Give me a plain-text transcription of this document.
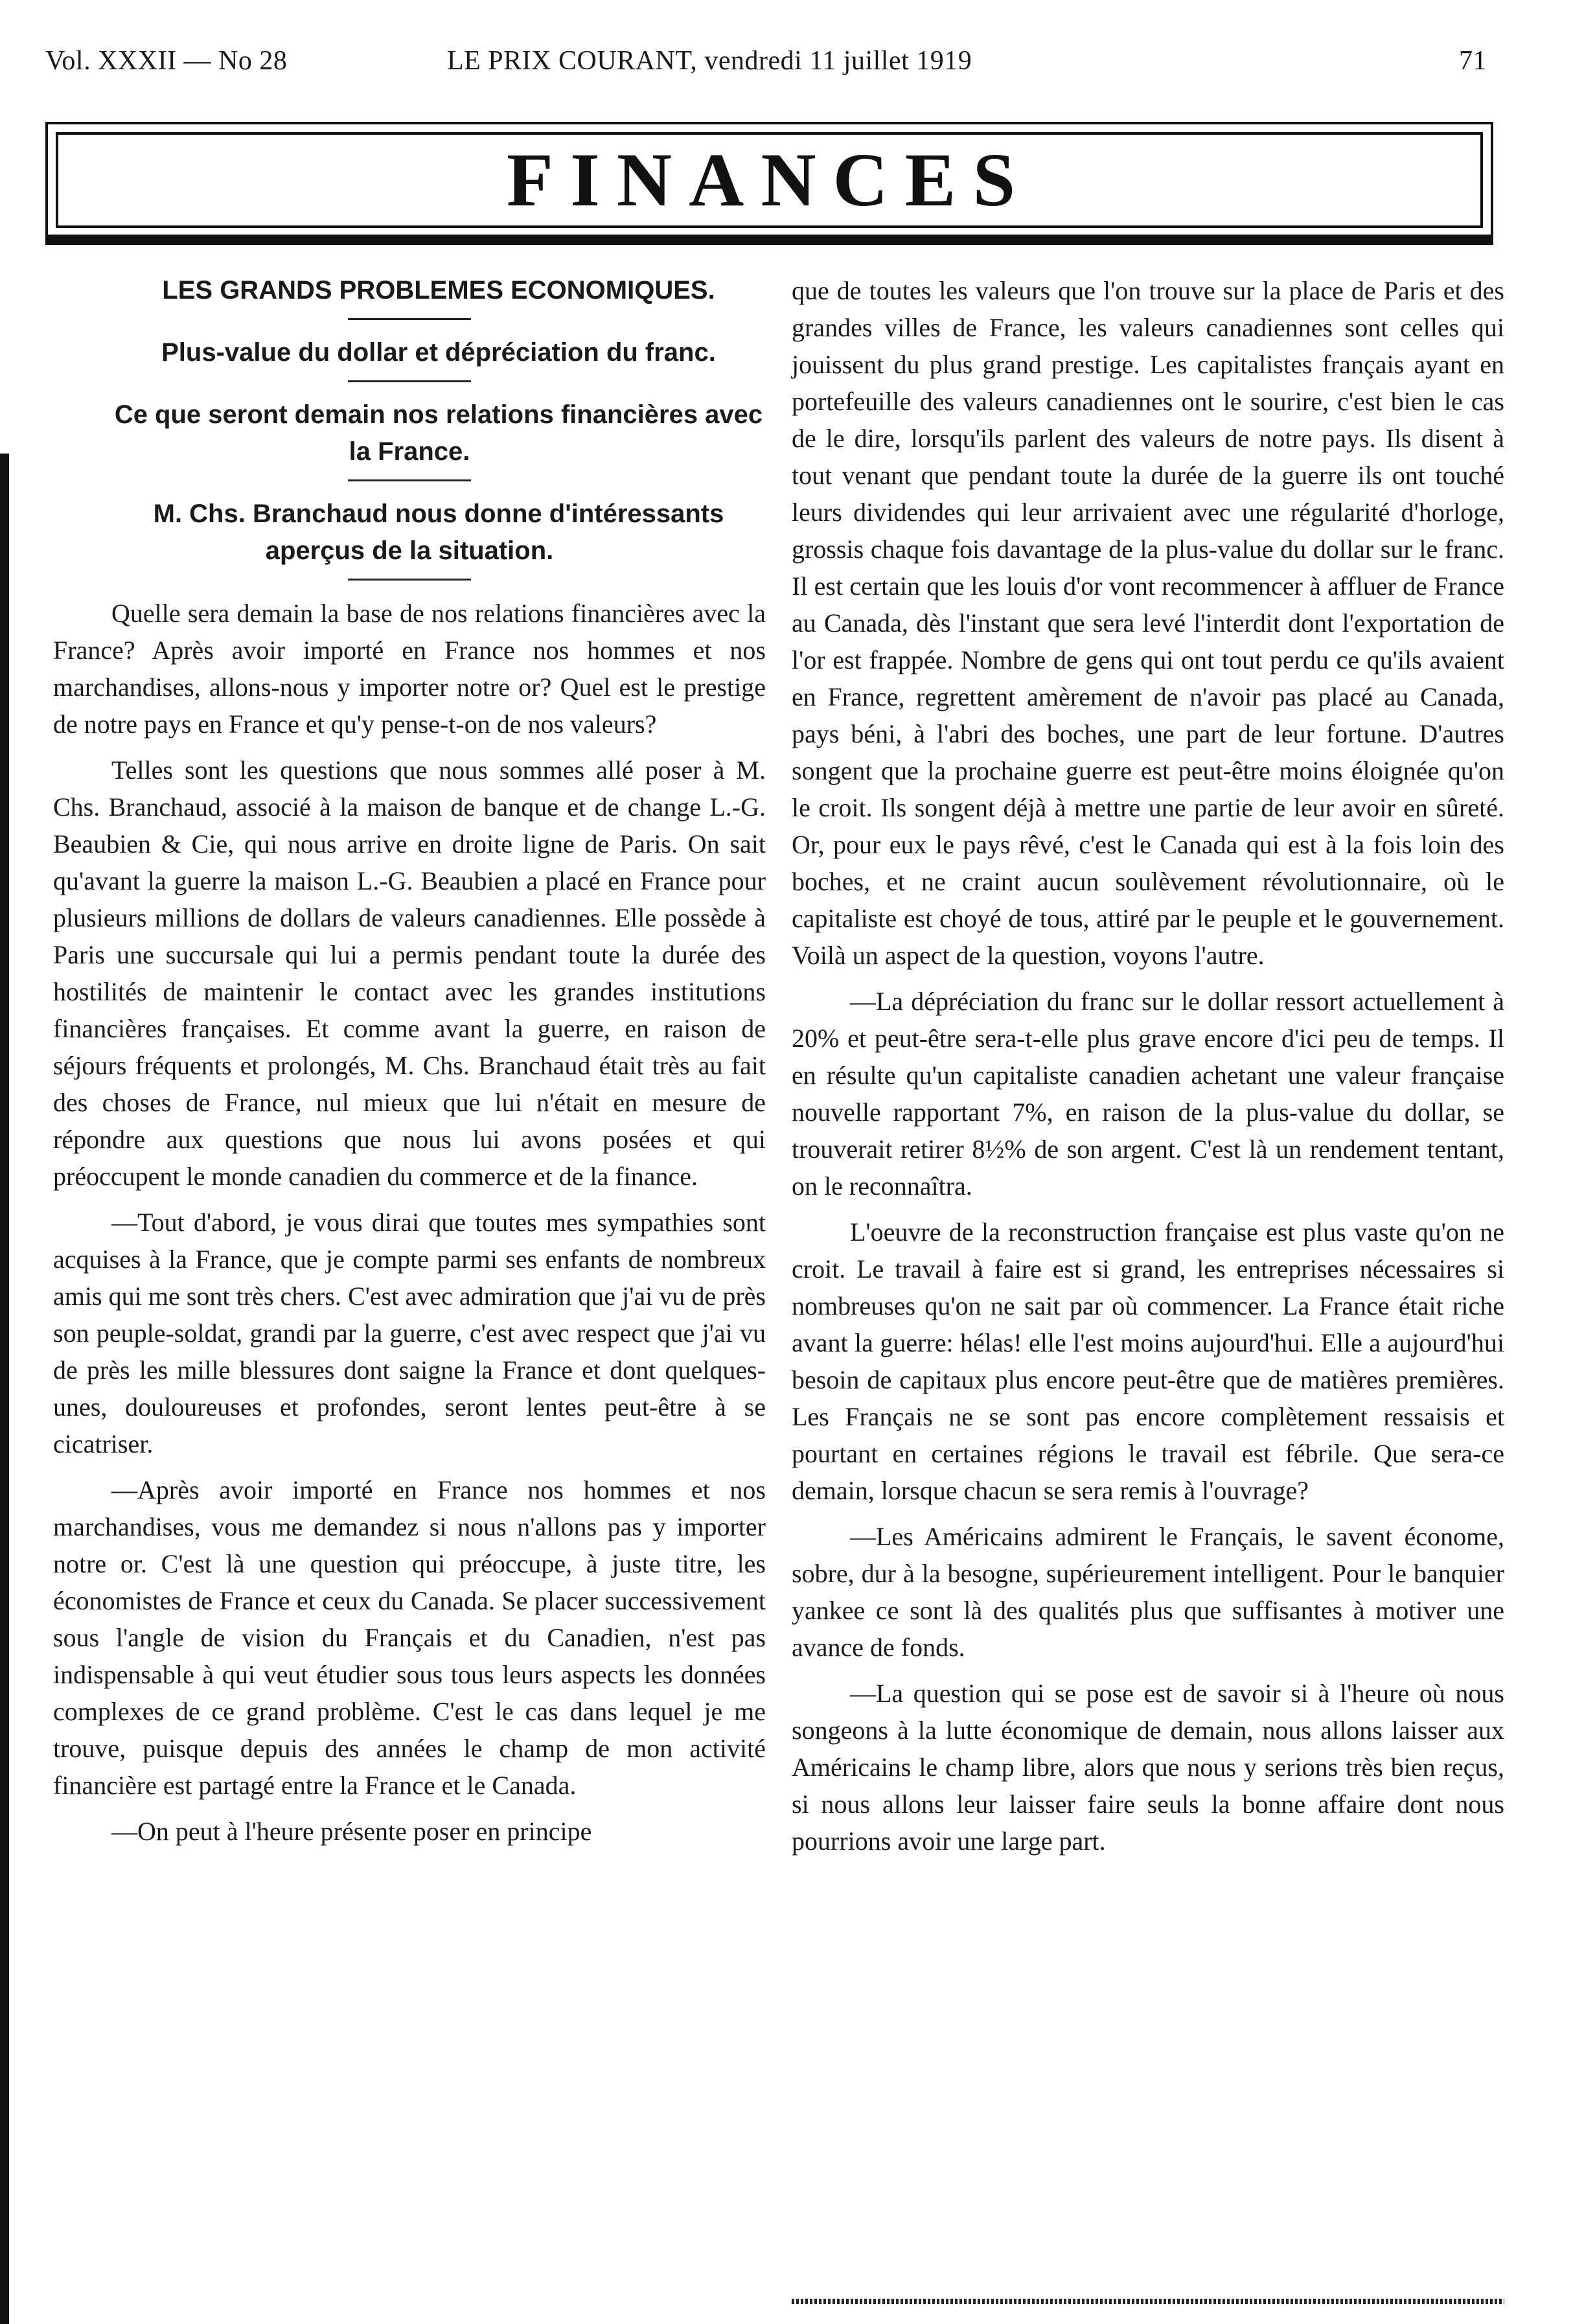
Vol. XXXII — No 28	LE PRIX COURANT, vendredi 11 juillet 1919	71
FINANCES

LES GRANDS PROBLEMES ECONOMIQUES.

Plus-value du dollar et dépréciation du franc.

Ce que seront demain nos relations financières avec la France.

M. Chs. Branchaud nous donne d'intéressants aperçus de la situation.

Quelle sera demain la base de nos relations financières avec la France? Après avoir importé en France nos hommes et nos marchandises, allons-nous y importer notre or? Quel est le prestige de notre pays en France et qu'y pense-t-on de nos valeurs?

Telles sont les questions que nous sommes allé poser à M. Chs. Branchaud, associé à la maison de banque et de change L.-G. Beaubien & Cie, qui nous arrive en droite ligne de Paris. On sait qu'avant la guerre la maison L.-G. Beaubien a placé en France pour plusieurs millions de dollars de valeurs canadiennes. Elle possède à Paris une succursale qui lui a permis pendant toute la durée des hostilités de maintenir le contact avec les grandes institutions financières françaises. Et comme avant la guerre, en raison de séjours fréquents et prolongés, M. Chs. Branchaud était très au fait des choses de France, nul mieux que lui n'était en mesure de répondre aux questions que nous lui avons posées et qui préoccupent le monde canadien du commerce et de la finance.

—Tout d'abord, je vous dirai que toutes mes sympathies sont acquises à la France, que je compte parmi ses enfants de nombreux amis qui me sont très chers. C'est avec admiration que j'ai vu de près son peuple-soldat, grandi par la guerre, c'est avec respect que j'ai vu de près les mille blessures dont saigne la France et dont quelques-unes, douloureuses et profondes, seront lentes peut-être à se cicatriser.

—Après avoir importé en France nos hommes et nos marchandises, vous me demandez si nous n'allons pas y importer notre or. C'est là une question qui préoccupe, à juste titre, les économistes de France et ceux du Canada. Se placer successivement sous l'angle de vision du Français et du Canadien, n'est pas indispensable à qui veut étudier sous tous leurs aspects les données complexes de ce grand problème. C'est le cas dans lequel je me trouve, puisque depuis des années le champ de mon activité financière est partagé entre la France et le Canada.

—On peut à l'heure présente poser en principe

que de toutes les valeurs que l'on trouve sur la place de Paris et des grandes villes de France, les valeurs canadiennes sont celles qui jouissent du plus grand prestige. Les capitalistes français ayant en portefeuille des valeurs canadiennes ont le sourire, c'est bien le cas de le dire, lorsqu'ils parlent des valeurs de notre pays. Ils disent à tout venant que pendant toute la durée de la guerre ils ont touché leurs dividendes qui leur arrivaient avec une régularité d'horloge, grossis chaque fois davantage de la plus-value du dollar sur le franc. Il est certain que les louis d'or vont recommencer à affluer de France au Canada, dès l'instant que sera levé l'interdit dont l'exportation de l'or est frappée. Nombre de gens qui ont tout perdu ce qu'ils avaient en France, regrettent amèrement de n'avoir pas placé au Canada, pays béni, à l'abri des boches, une part de leur fortune. D'autres songent que la prochaine guerre est peut-être moins éloignée qu'on le croit. Ils songent déjà à mettre une partie de leur avoir en sûreté. Or, pour eux le pays rêvé, c'est le Canada qui est à la fois loin des boches, et ne craint aucun soulèvement révolutionnaire, où le capitaliste est choyé de tous, attiré par le peuple et le gouvernement. Voilà un aspect de la question, voyons l'autre.

—La dépréciation du franc sur le dollar ressort actuellement à 20% et peut-être sera-t-elle plus grave encore d'ici peu de temps. Il en résulte qu'un capitaliste canadien achetant une valeur française nouvelle rapportant 7%, en raison de la plus-value du dollar, se trouverait retirer 8½% de son argent. C'est là un rendement tentant, on le reconnaîtra.

L'oeuvre de la reconstruction française est plus vaste qu'on ne croit. Le travail à faire est si grand, les entreprises nécessaires si nombreuses qu'on ne sait par où commencer. La France était riche avant la guerre: hélas! elle l'est moins aujourd'hui. Elle a aujourd'hui besoin de capitaux plus encore peut-être que de matières premières. Les Français ne se sont pas encore complètement ressaisis et pourtant en certaines régions le travail est fébrile. Que sera-ce demain, lorsque chacun se sera remis à l'ouvrage?

—Les Américains admirent le Français, le savent économe, sobre, dur à la besogne, supérieurement intelligent. Pour le banquier yankee ce sont là des qualités plus que suffisantes à motiver une avance de fonds.

—La question qui se pose est de savoir si à l'heure où nous songeons à la lutte économique de demain, nous allons laisser aux Américains le champ libre, alors que nous y serions très bien reçus, si nous allons leur laisser faire seuls la bonne affaire dont nous pourrions avoir une large part.
